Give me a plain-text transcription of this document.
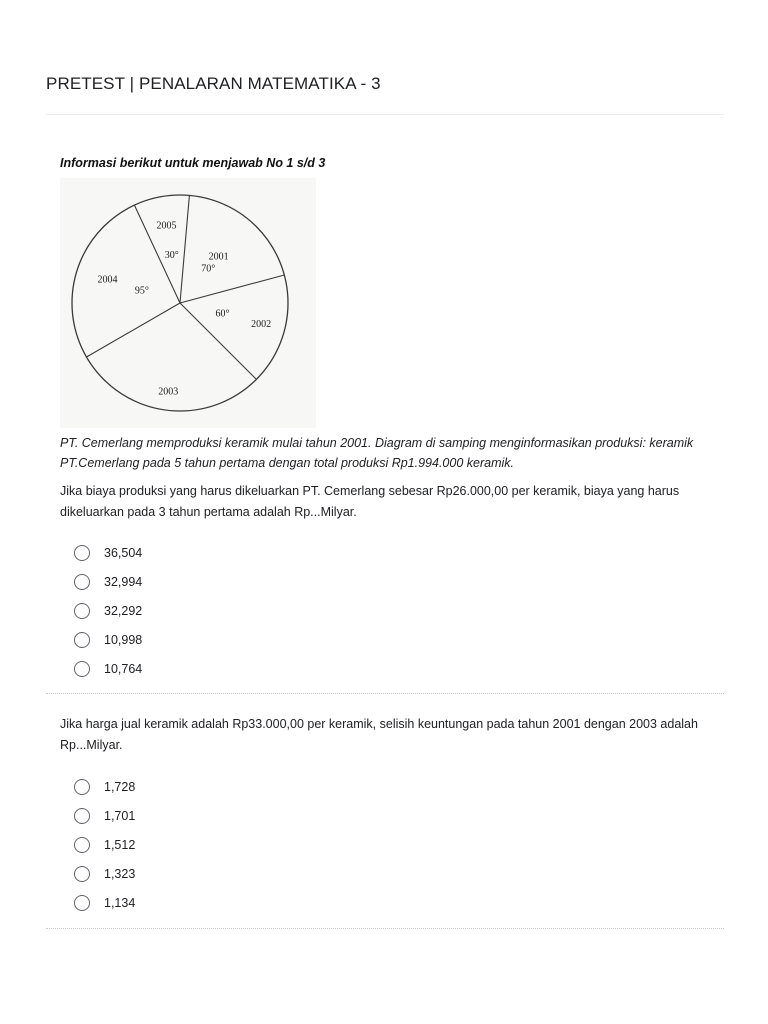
PRETEST | PENALARAN MATEMATIKA - 3
Informasi berikut untuk menjawab No 1 s/d 3
2001
70°
2002
60°
2003
2004
95°
2005
30°
PT. Cemerlang memproduksi keramik mulai tahun 2001. Diagram di samping menginformasikan produksi: keramik PT.Cemerlang pada 5 tahun pertama dengan total produksi Rp1.994.000 keramik.
Jika biaya produksi yang harus dikeluarkan PT. Cemerlang sebesar Rp26.000,00 per keramik, biaya yang harus dikeluarkan pada 3 tahun pertama adalah Rp...Milyar.
36,504
32,994
32,292
10,998
10,764
Jika harga jual keramik adalah Rp33.000,00 per keramik, selisih keuntungan pada tahun 2001 dengan 2003 adalah Rp...Milyar.
1,728
1,701
1,512
1,323
1,134
